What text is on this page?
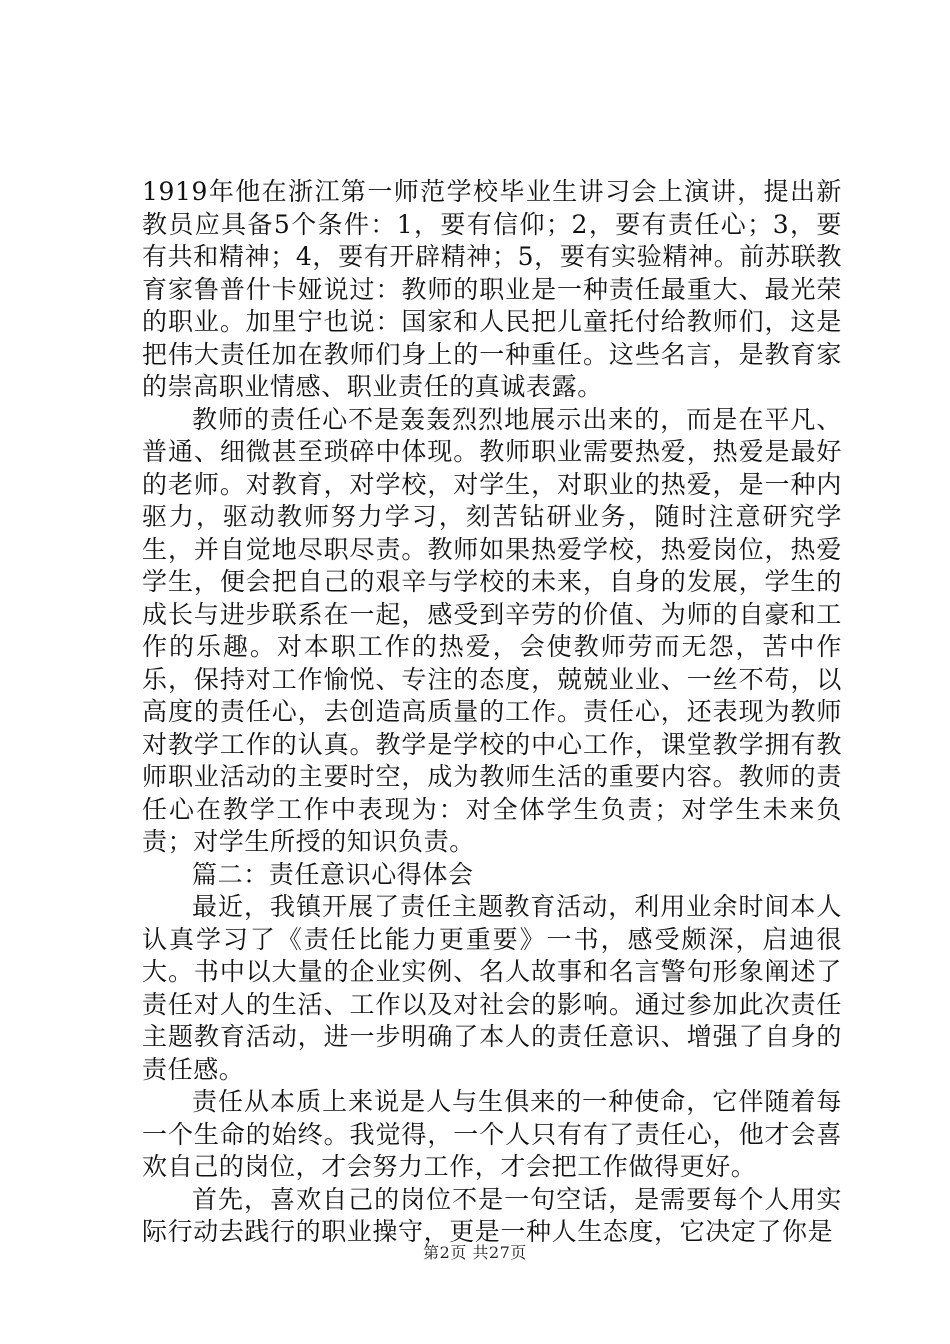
1919年他在浙江第一师范学校毕业生讲习会上演讲，提出新教员应具备5个条件：1，要有信仰；2，要有责任心；3，要有共和精神；4，要有开辟精神；5，要有实验精神。前苏联教育家鲁普什卡娅说过：教师的职业是一种责任最重大、最光荣的职业。加里宁也说：国家和人民把儿童托付给教师们，这是把伟大责任加在教师们身上的一种重任。这些名言，是教育家的崇高职业情感、职业责任的真诚表露。

教师的责任心不是轰轰烈烈地展示出来的，而是在平凡、普通、细微甚至琐碎中体现。教师职业需要热爱，热爱是最好的老师。对教育，对学校，对学生，对职业的热爱，是一种内驱力，驱动教师努力学习，刻苦钻研业务，随时注意研究学生，并自觉地尽职尽责。教师如果热爱学校，热爱岗位，热爱学生，便会把自己的艰辛与学校的未来，自身的发展，学生的成长与进步联系在一起，感受到辛劳的价值、为师的自豪和工作的乐趣。对本职工作的热爱，会使教师劳而无怨，苦中作乐，保持对工作愉悦、专注的态度，兢兢业业、一丝不苟，以高度的责任心，去创造高质量的工作。责任心，还表现为教师对教学工作的认真。教学是学校的中心工作，课堂教学拥有教师职业活动的主要时空，成为教师生活的重要内容。教师的责任心在教学工作中表现为：对全体学生负责；对学生未来负责；对学生所授的知识负责。

篇二：责任意识心得体会

最近，我镇开展了责任主题教育活动，利用业余时间本人认真学习了《责任比能力更重要》一书，感受颇深，启迪很大。书中以大量的企业实例、名人故事和名言警句形象阐述了责任对人的生活、工作以及对社会的影响。通过参加此次责任主题教育活动，进一步明确了本人的责任意识、增强了自身的责任感。

责任从本质上来说是人与生俱来的一种使命，它伴随着每一个生命的始终。我觉得，一个人只有有了责任心，他才会喜欢自己的岗位，才会努力工作，才会把工作做得更好。

首先，喜欢自己的岗位不是一句空话，是需要每个人用实际行动去践行的职业操守，更是一种人生态度，它决定了你是

第2页 共27页
